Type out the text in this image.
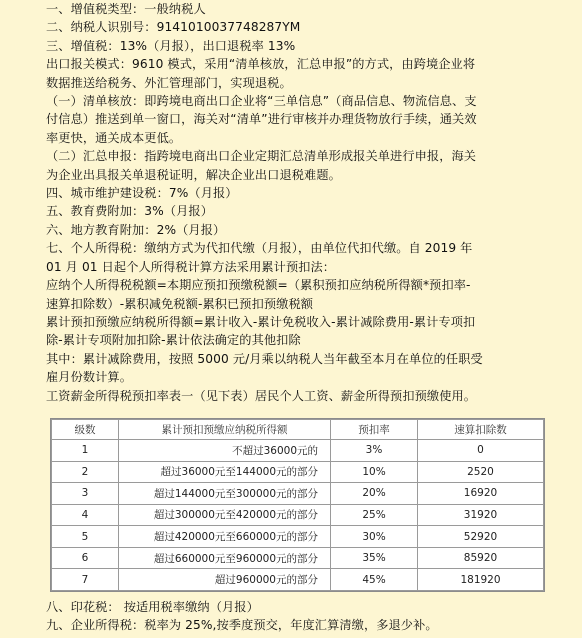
一、增值税类型：一般纳税人
二、纳税人识别号：9141010037748287YM
三、增值税：13%（月报），出口退税率 13%
出口报关模式：9610 模式，采用“清单核放，汇总申报”的方式，由跨境企业将
数据推送给税务、外汇管理部门，实现退税。
（一）清单核放：即跨境电商出口企业将“三单信息”（商品信息、物流信息、支
付信息）推送到单一窗口，海关对“清单”进行审核并办理货物放行手续，通关效
率更快，通关成本更低。
（二）汇总申报：指跨境电商出口企业定期汇总清单形成报关单进行申报，海关
为企业出具报关单退税证明，解决企业出口退税难题。
四、城市维护建设税：7%（月报）
五、教育费附加：3%（月报）
六、地方教育附加：2%（月报）
七、个人所得税：缴纳方式为代扣代缴（月报），由单位代扣代缴。自 2019 年
01 月 01 日起个人所得税计算方法采用累计预扣法：
应纳个人所得税税额=本期应预扣预缴税额=（累积预扣应纳税所得额*预扣率-
速算扣除数）-累积减免税额-累积已预扣预缴税额
累计预扣预缴应纳税所得额=累计收入-累计免税收入-累计减除费用-累计专项扣
除-累计专项附加扣除-累计依法确定的其他扣除
其中：累计减除费用，按照 5000 元/月乘以纳税人当年截至本月在单位的任职受
雇月份数计算。
工资薪金所得税预扣率表一（见下表）居民个人工资、薪金所得预扣预缴使用。
级数	累计预扣预缴应纳税所得额	预扣率	速算扣除数
1	不超过36000元的	3%	0
2	超过36000元至144000元的部分	10%	2520
3	超过144000元至300000元的部分	20%	16920
4	超过300000元至420000元的部分	25%	31920
5	超过420000元至660000元的部分	30%	52920
6	超过660000元至960000元的部分	35%	85920
7	超过960000元的部分	45%	181920
八、印花税： 按适用税率缴纳（月报）
九、企业所得税：税率为 25%,按季度预交，年度汇算清缴，多退少补。
